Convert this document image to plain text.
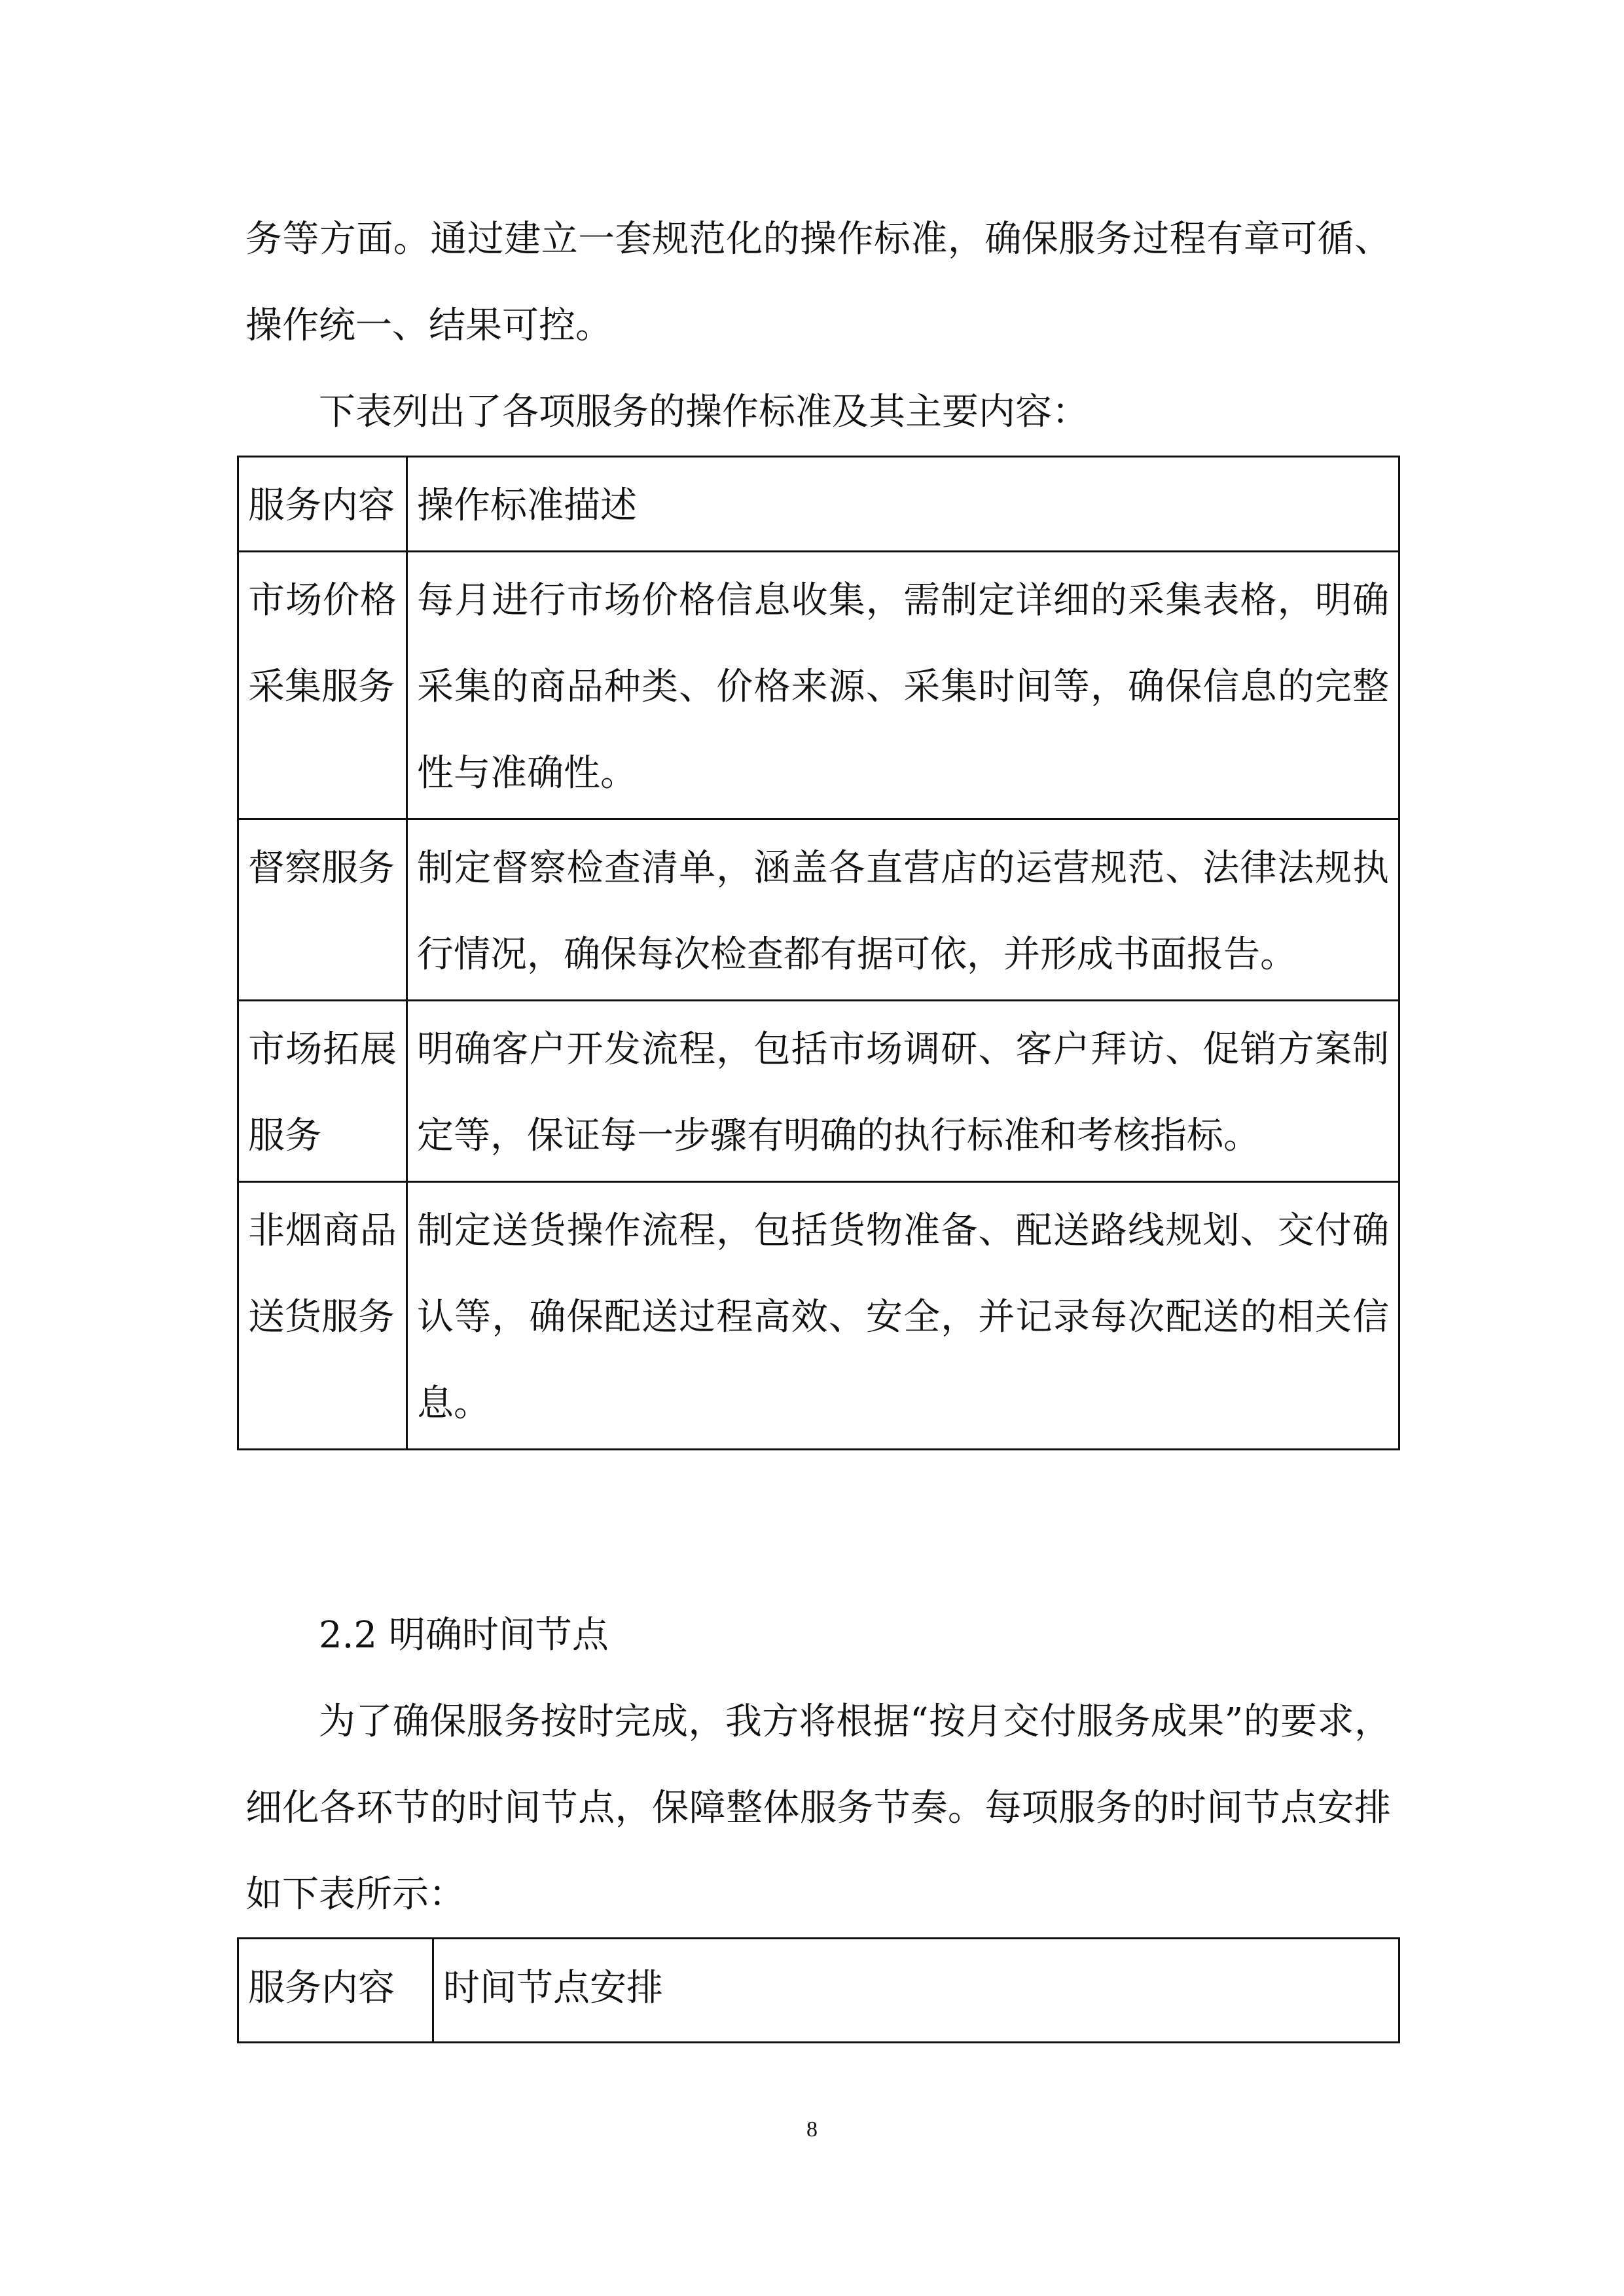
务等方面。通过建立一套规范化的操作标准，确保服务过程有章可循、操作统一、结果可控。

下表列出了各项服务的操作标准及其主要内容：

服务内容	操作标准描述
市场价格采集服务	每月进行市场价格信息收集，需制定详细的采集表格，明确采集的商品种类、价格来源、采集时间等，确保信息的完整性与准确性。
督察服务	制定督察检查清单，涵盖各直营店的运营规范、法律法规执行情况，确保每次检查都有据可依，并形成书面报告。
市场拓展服务	明确客户开发流程，包括市场调研、客户拜访、促销方案制定等，保证每一步骤有明确的执行标准和考核指标。
非烟商品送货服务	制定送货操作流程，包括货物准备、配送路线规划、交付确认等，确保配送过程高效、安全，并记录每次配送的相关信息。

2.2 明确时间节点

为了确保服务按时完成，我方将根据“按月交付服务成果”的要求，细化各环节的时间节点，保障整体服务节奏。每项服务的时间节点安排如下表所示：

服务内容	时间节点安排
8
